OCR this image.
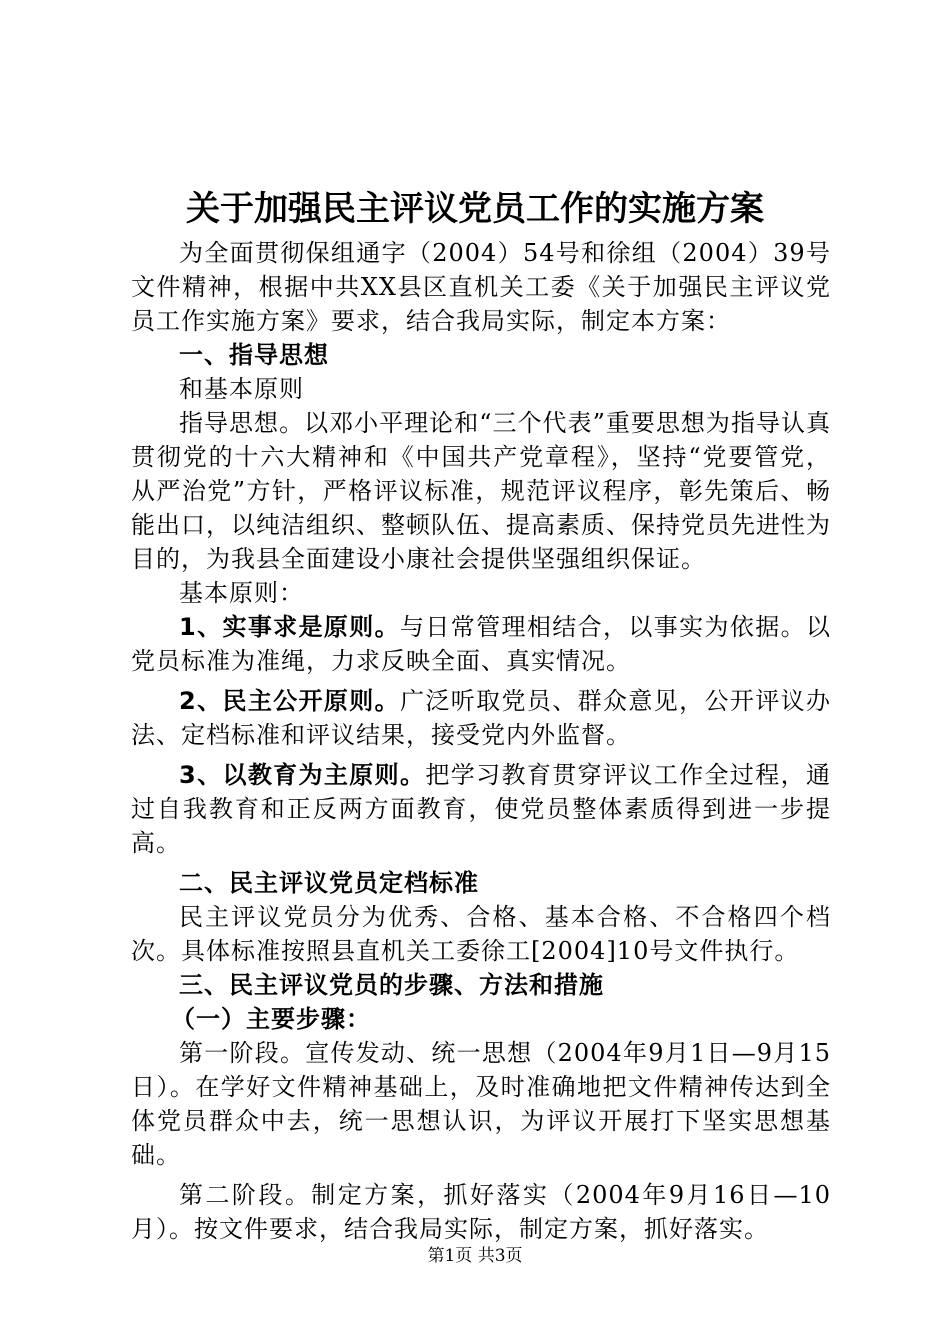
关于加强民主评议党员工作的实施方案

为全面贯彻保组通字（2004）54号和徐组（2004）39号文件精神，根据中共XX县区直机关工委《关于加强民主评议党员工作实施方案》要求，结合我局实际，制定本方案：

一、指导思想

和基本原则

指导思想。以邓小平理论和“三个代表”重要思想为指导认真贯彻党的十六大精神和《中国共产党章程》，坚持“党要管党，从严治党”方针，严格评议标准，规范评议程序，彰先策后、畅能出口，以纯洁组织、整顿队伍、提高素质、保持党员先进性为目的，为我县全面建设小康社会提供坚强组织保证。

基本原则：

1、实事求是原则。与日常管理相结合，以事实为依据。以党员标准为准绳，力求反映全面、真实情况。

2、民主公开原则。广泛听取党员、群众意见，公开评议办法、定档标准和评议结果，接受党内外监督。

3、以教育为主原则。把学习教育贯穿评议工作全过程，通过自我教育和正反两方面教育，使党员整体素质得到进一步提高。

二、民主评议党员定档标准

民主评议党员分为优秀、合格、基本合格、不合格四个档次。具体标准按照县直机关工委徐工[2004]10号文件执行。

三、民主评议党员的步骤、方法和措施

（一）主要步骤：

第一阶段。宣传发动、统一思想（2004年9月1日—9月15日）。在学好文件精神基础上，及时准确地把文件精神传达到全体党员群众中去，统一思想认识，为评议开展打下坚实思想基础。

第二阶段。制定方案，抓好落实（2004年9月16日—10月）。按文件要求，结合我局实际，制定方案，抓好落实。

第1页 共3页
